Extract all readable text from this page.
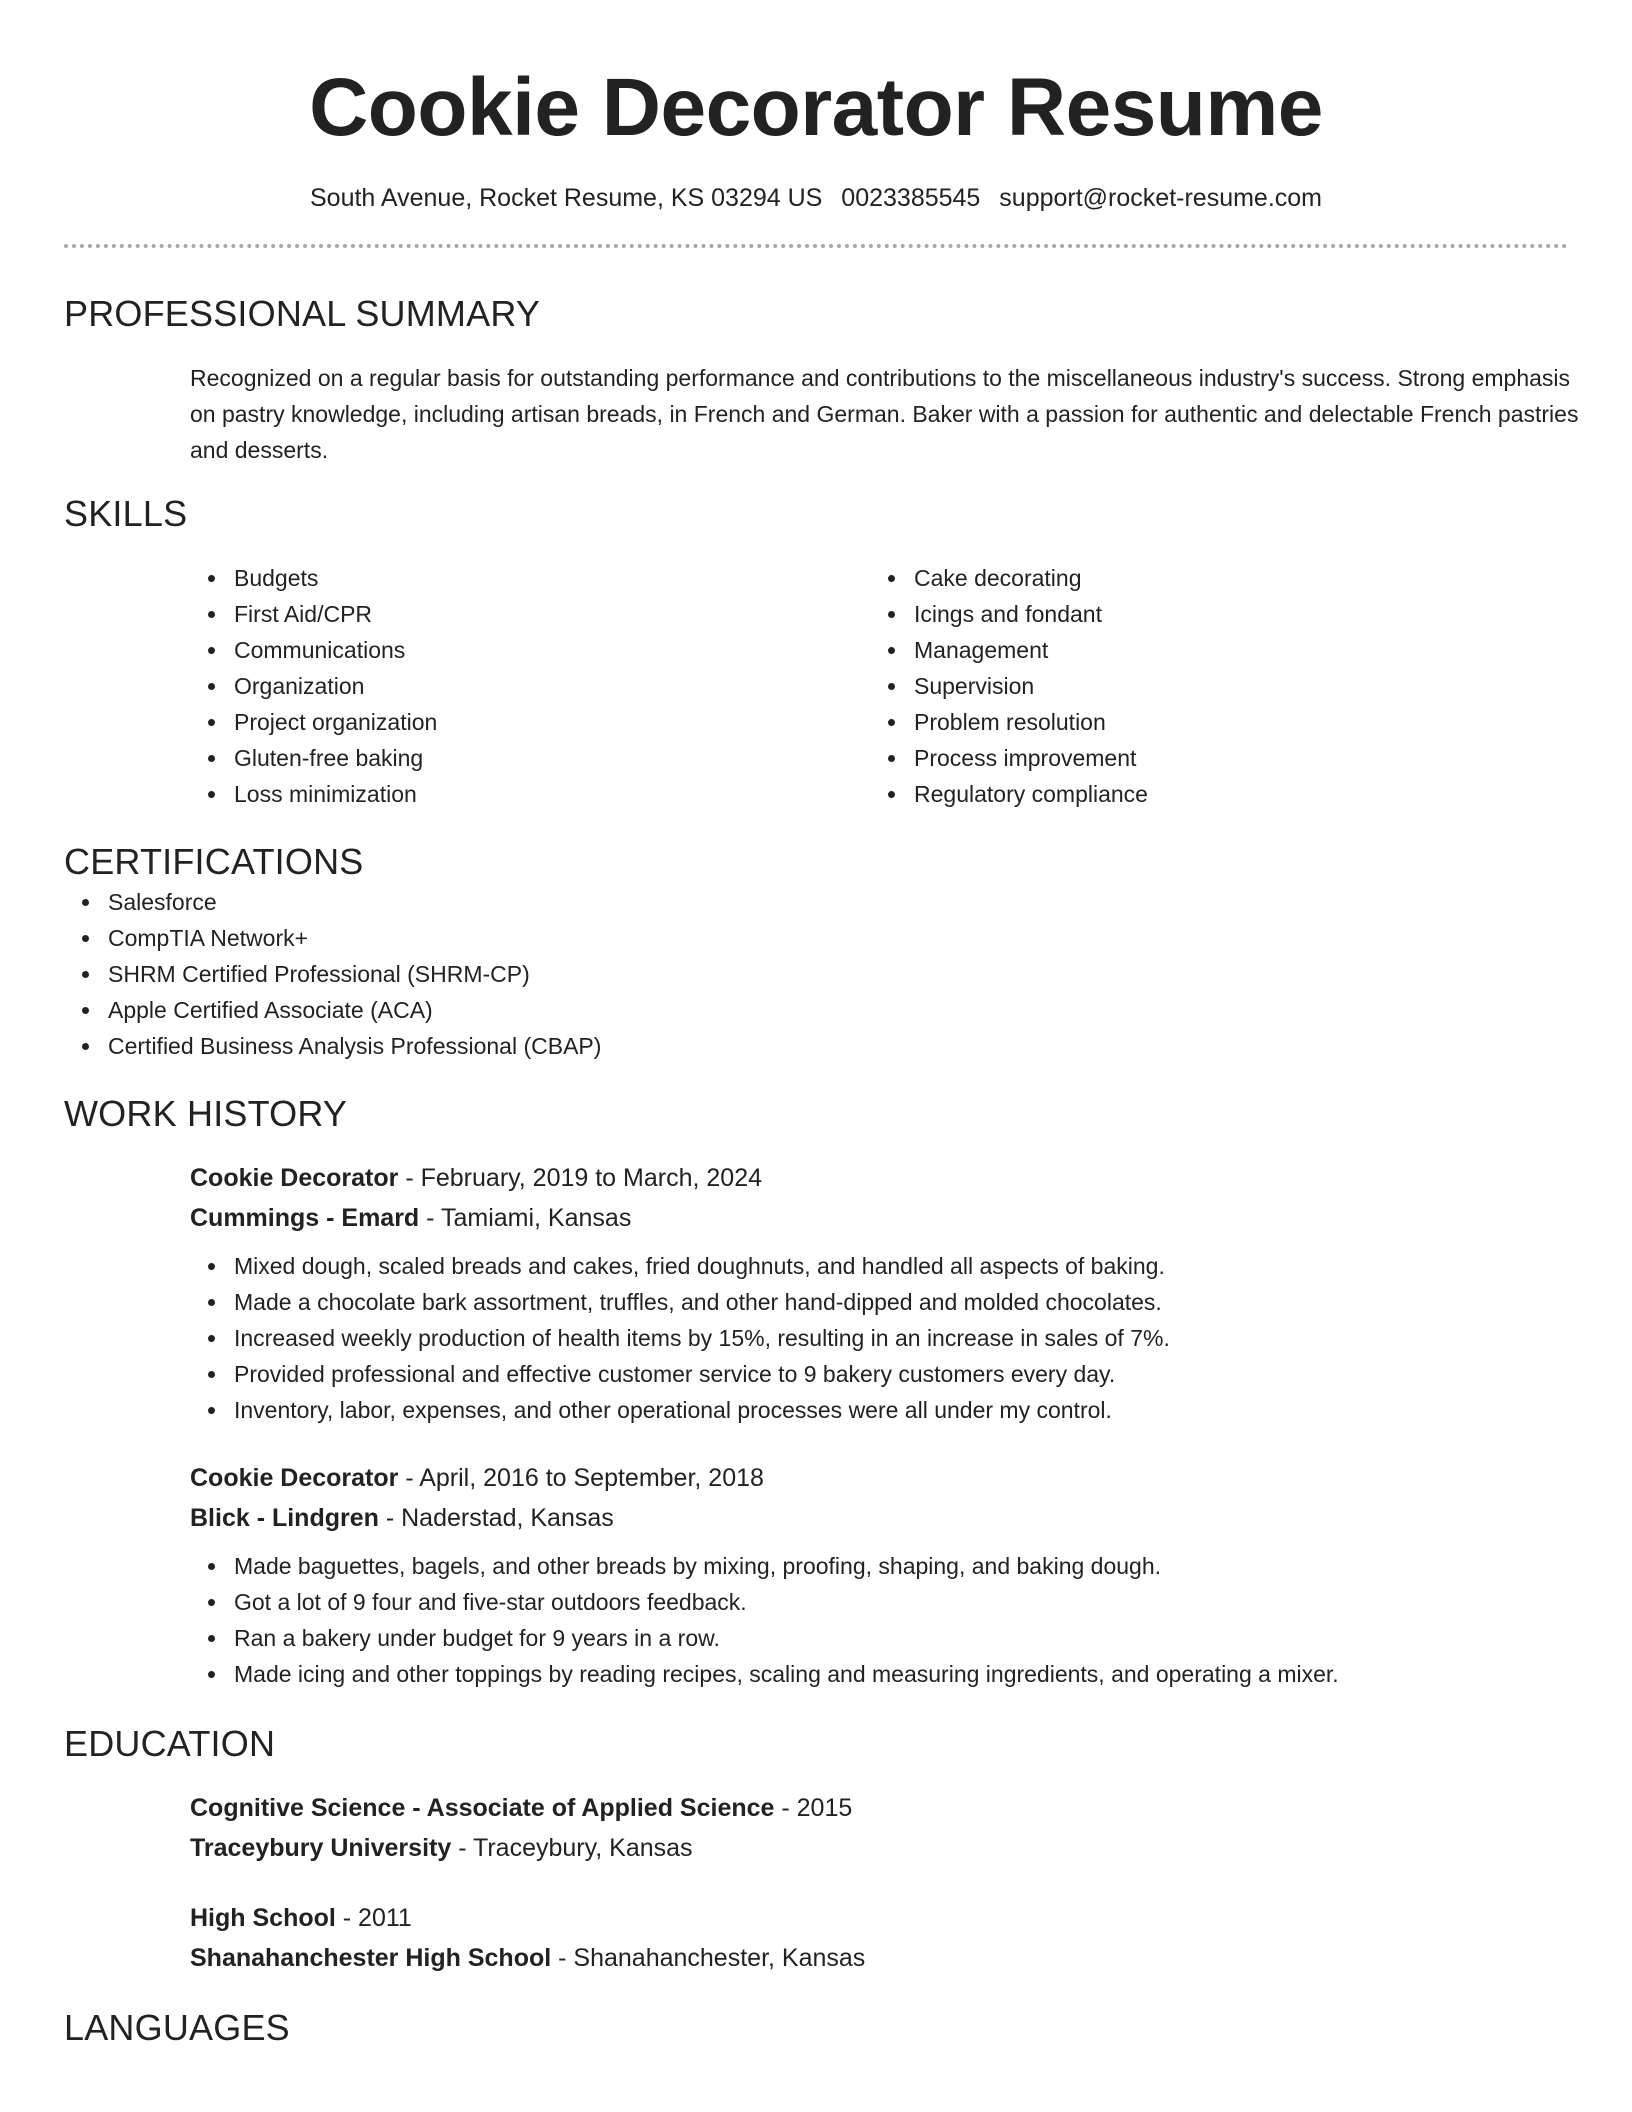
Cookie Decorator Resume
South Avenue, Rocket Resume, KS 03294 US 0023385545 support@rocket-resume.com
PROFESSIONAL SUMMARY

Recognized on a regular basis for outstanding performance and contributions to the miscellaneous industry's success. Strong emphasis on pastry knowledge, including artisan breads, in French and German. Baker with a passion for authentic and delectable French pastries and desserts.

SKILLS
Budgets
First Aid/CPR
Communications
Organization
Project organization
Gluten-free baking
Loss minimization
Cake decorating
Icings and fondant
Management
Supervision
Problem resolution
Process improvement
Regulatory compliance
CERTIFICATIONS
Salesforce
CompTIA Network+
SHRM Certified Professional (SHRM-CP)
Apple Certified Associate (ACA)
Certified Business Analysis Professional (CBAP)
WORK HISTORY
Cookie Decorator - February, 2019 to March, 2024
Cummings - Emard - Tamiami, Kansas
Mixed dough, scaled breads and cakes, fried doughnuts, and handled all aspects of baking.
Made a chocolate bark assortment, truffles, and other hand-dipped and molded chocolates.
Increased weekly production of health items by 15%, resulting in an increase in sales of 7%.
Provided professional and effective customer service to 9 bakery customers every day.
Inventory, labor, expenses, and other operational processes were all under my control.
Cookie Decorator - April, 2016 to September, 2018
Blick - Lindgren - Naderstad, Kansas
Made baguettes, bagels, and other breads by mixing, proofing, shaping, and baking dough.
Got a lot of 9 four and five-star outdoors feedback.
Ran a bakery under budget for 9 years in a row.
Made icing and other toppings by reading recipes, scaling and measuring ingredients, and operating a mixer.
EDUCATION
Cognitive Science - Associate of Applied Science - 2015
Traceybury University - Traceybury, Kansas
High School - 2011
Shanahanchester High School - Shanahanchester, Kansas
LANGUAGES
